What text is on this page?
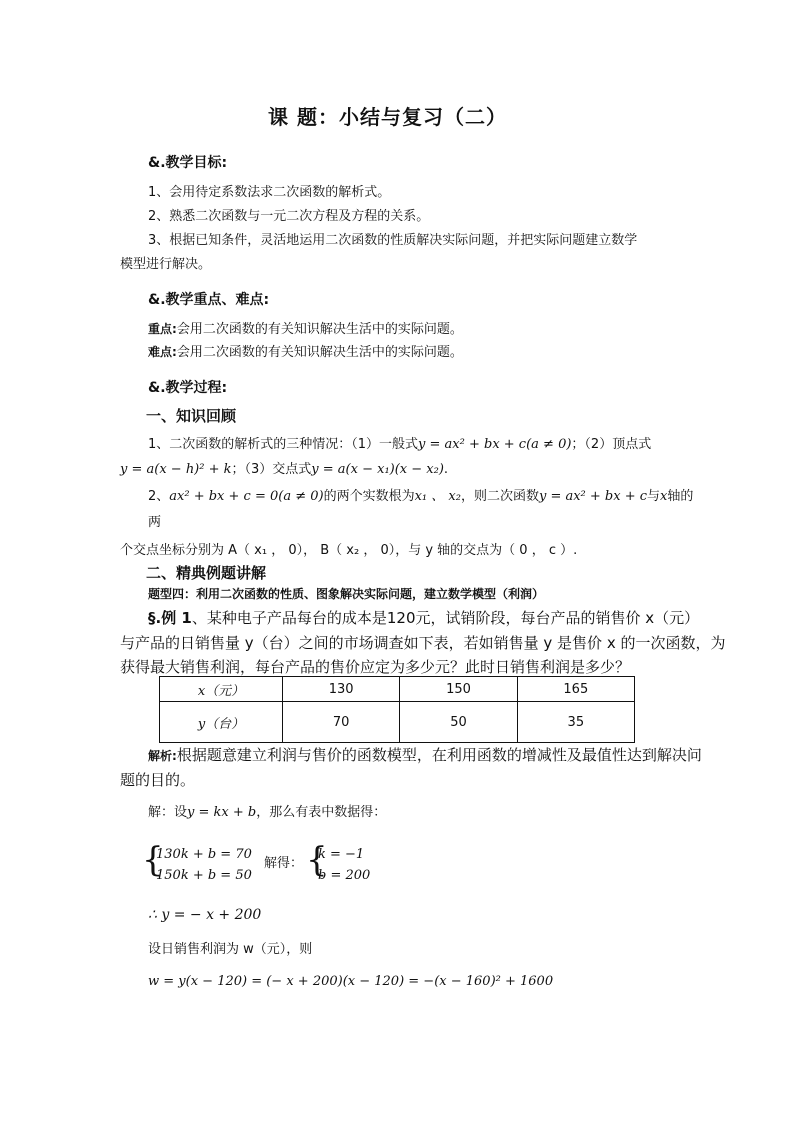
课 题：小结与复习（二）
&.教学目标:
1、会用待定系数法求二次函数的解析式。
2、熟悉二次函数与一元二次方程及方程的关系。
3、根据已知条件，灵活地运用二次函数的性质解决实际问题，并把实际问题建立数学
模型进行解决。
&.教学重点、难点:
重点:会用二次函数的有关知识解决生活中的实际问题。
难点:会用二次函数的有关知识解决生活中的实际问题。
&.教学过程:
一、知识回顾
1、二次函数的解析式的三种情况：（1）一般式y = ax² + bx + c(a ≠ 0)；（2）顶点式
y = a(x − h)² + k；（3）交点式y = a(x − x₁)(x − x₂).
2、ax² + bx + c = 0(a ≠ 0)的两个实数根为x₁ 、 x₂，则二次函数y = ax² + bx + c与x轴的
两
个交点坐标分别为 A（ x₁ ， 0）， B（ x₂ ， 0），与 y 轴的交点为（ 0 ， c ）.
二、精典例题讲解
题型四：利用二次函数的性质、图象解决实际问题，建立数学模型（利润）
§.例 1、某种电子产品每台的成本是120元，试销阶段，每台产品的销售价 x（元）
与产品的日销售量 y（台）之间的市场调查如下表，若如销售量 y 是售价 x 的一次函数，为
获得最大销售利润，每台产品的售价应定为多少元？此时日销售利润是多少？
x（元）	130	150	165
y（台）	70	50	35
解析:根据题意建立利润与售价的函数模型，在利用函数的增减性及最值性达到解决问
题的目的。
解：设y = kx + b，那么有表中数据得：
{
130k + b = 70
150k + b = 50
解得： {
k = −1
b = 200
∴ y = − x + 200
设日销售利润为 w（元），则
w = y(x − 120) = (− x + 200)(x − 120) = −(x − 160)² + 1600
